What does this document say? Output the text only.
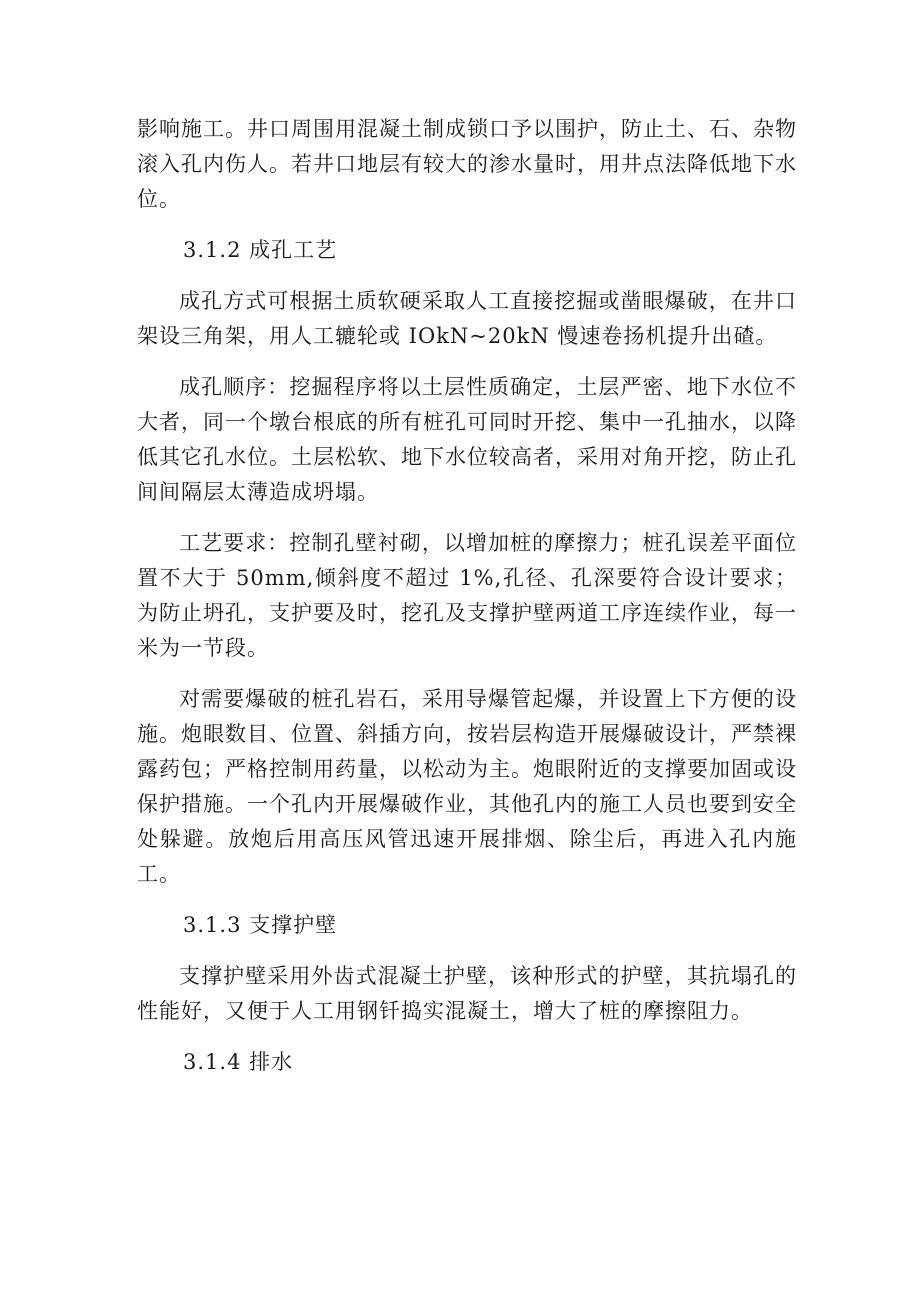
影响施工。井口周围用混凝土制成锁口予以围护，防止土、石、杂物滚入孔内伤人。若井口地层有较大的渗水量时，用井点法降低地下水位。

3.1.2 成孔工艺

成孔方式可根据土质软硬采取人工直接挖掘或凿眼爆破，在井口架设三角架，用人工辘轮或 IOkN~20kN 慢速卷扬机提升出碴。

成孔顺序：挖掘程序将以土层性质确定，土层严密、地下水位不大者，同一个墩台根底的所有桩孔可同时开挖、集中一孔抽水，以降低其它孔水位。土层松软、地下水位较高者，采用对角开挖，防止孔间间隔层太薄造成坍塌。

工艺要求：控制孔壁衬砌，以增加桩的摩擦力；桩孔误差平面位置不大于 50mm,倾斜度不超过 1%,孔径、孔深要符合设计要求；为防止坍孔，支护要及时，挖孔及支撑护壁两道工序连续作业，每一米为一节段。

对需要爆破的桩孔岩石，采用导爆管起爆，并设置上下方便的设施。炮眼数目、位置、斜插方向，按岩层构造开展爆破设计，严禁裸露药包；严格控制用药量，以松动为主。炮眼附近的支撑要加固或设保护措施。一个孔内开展爆破作业，其他孔内的施工人员也要到安全处躲避。放炮后用高压风管迅速开展排烟、除尘后，再进入孔内施工。

3.1.3 支撑护壁

支撑护壁采用外齿式混凝土护壁，该种形式的护壁，其抗塌孔的性能好，又便于人工用钢钎捣实混凝土，增大了桩的摩擦阻力。

3.1.4 排水
